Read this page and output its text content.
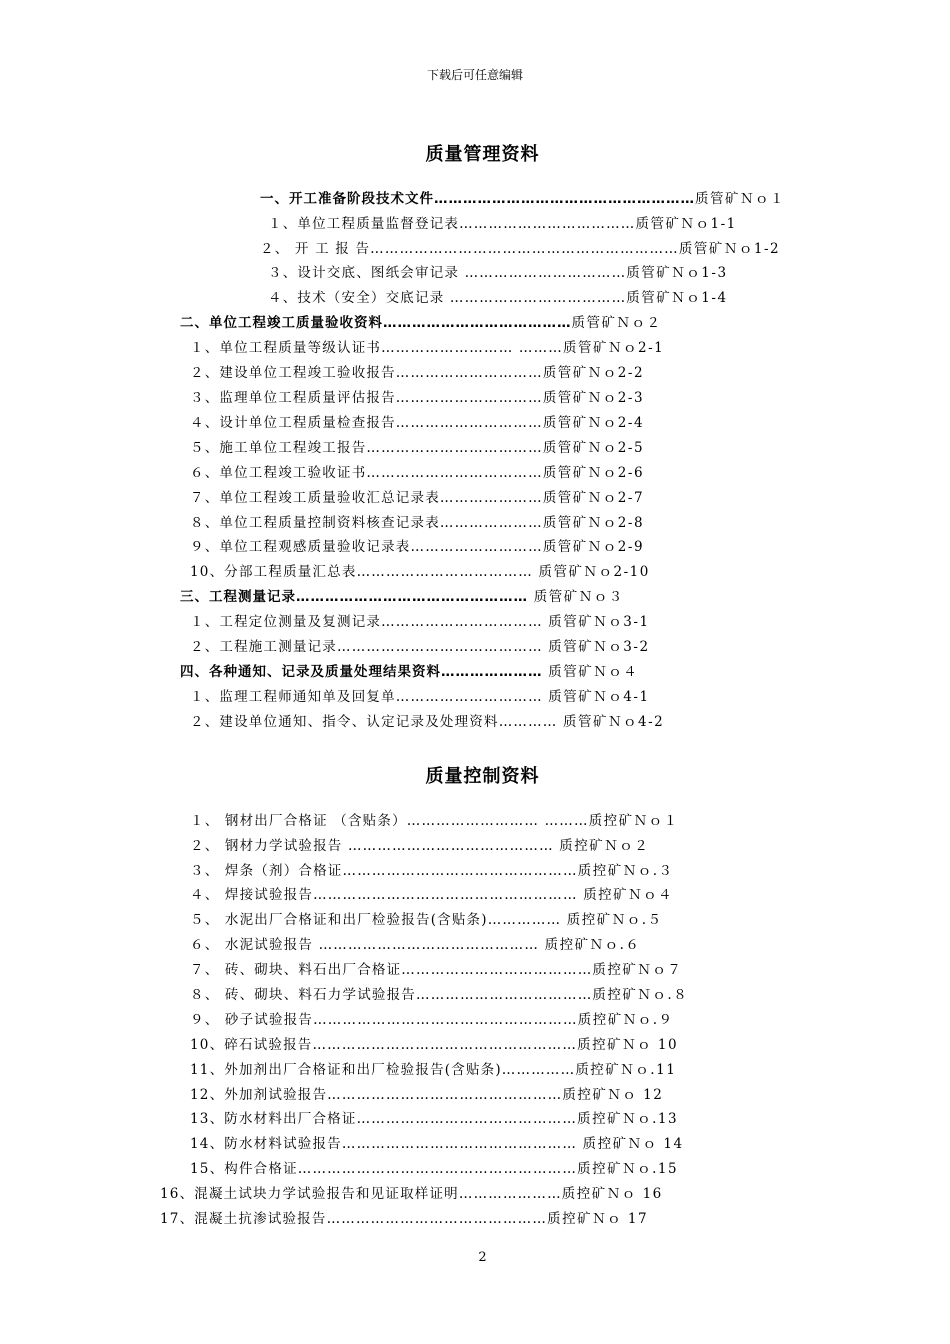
下载后可任意编辑
质量管理资料
一、开工准备阶段技术文件………………………………………………质管矿Ｎｏ１
１、单位工程质量监督登记表………………………………质管矿Ｎｏ1-1
２、 开 工 报 告………………………………………………………质管矿Ｎｏ1-2
３、设计交底、图纸会审记录 ……………………………质管矿Ｎｏ1-3
４、技术（安全）交底记录 ………………………………质管矿Ｎｏ1-4
二、单位工程竣工质量验收资料…………………………………质管矿Ｎｏ２
１、单位工程质量等级认证书……………………… ………质管矿Ｎｏ2-1
２、建设单位工程竣工验收报告…………………………质管矿Ｎｏ2-2
３、监理单位工程质量评估报告…………………………质管矿Ｎｏ2-3
４、设计单位工程质量检查报告…………………………质管矿Ｎｏ2-4
５、施工单位工程竣工报告………………………………质管矿Ｎｏ2-5
６、单位工程竣工验收证书………………………………质管矿Ｎｏ2-6
７、单位工程竣工质量验收汇总记录表…………………质管矿Ｎｏ2-7
８、单位工程质量控制资料核查记录表…………………质管矿Ｎｏ2-8
９、单位工程观感质量验收记录表………………………质管矿Ｎｏ2-9
10、分部工程质量汇总表……………………………… 质管矿Ｎｏ2-10
三、工程测量记录………………………………………… 质管矿Ｎｏ３
１、工程定位测量及复测记录…………………………… 质管矿Ｎｏ3-1
２、工程施工测量记录…………………………………… 质管矿Ｎｏ3-2
四、各种通知、记录及质量处理结果资料………………… 质管矿Ｎｏ４
１、监理工程师通知单及回复单………………………… 质管矿Ｎｏ4-1
２、建设单位通知、指令、认定记录及处理资料………… 质管矿Ｎｏ4-2
质量控制资料
１、 钢材出厂合格证 （含贴条）……………………… ………质控矿Ｎｏ１
２、 钢材力学试验报告 …………………………………… 质控矿Ｎｏ２
３、 焊条（剂）合格证…………………………………………质控矿Ｎｏ.３
４、 焊接试验报告……………………………………………… 质控矿Ｎｏ４
５、 水泥出厂合格证和出厂检验报告(含贴条)…………… 质控矿Ｎｏ.５
６、 水泥试验报告 ……………………………………… 质控矿Ｎｏ.６
７、 砖、砌块、料石出厂合格证…………………………………质控矿Ｎｏ７
８、 砖、砌块、料石力学试验报告………………………………质控矿Ｎｏ.８
９、 砂子试验报告………………………………………………质控矿Ｎｏ.９
10、碎石试验报告………………………………………………质控矿Ｎｏ 10
11、外加剂出厂合格证和出厂检验报告(含贴条)……………质控矿Ｎｏ.11
12、外加剂试验报告…………………………………………质控矿Ｎｏ 12
13、防水材料出厂合格证………………………………………质控矿Ｎｏ.13
14、防水材料试验报告………………………………………… 质控矿Ｎｏ 14
15、构件合格证…………………………………………………质控矿Ｎｏ.15
16、混凝土试块力学试验报告和见证取样证明…………………质控矿Ｎｏ 16
17、混凝土抗渗试验报告………………………………………质控矿Ｎｏ 17
2
